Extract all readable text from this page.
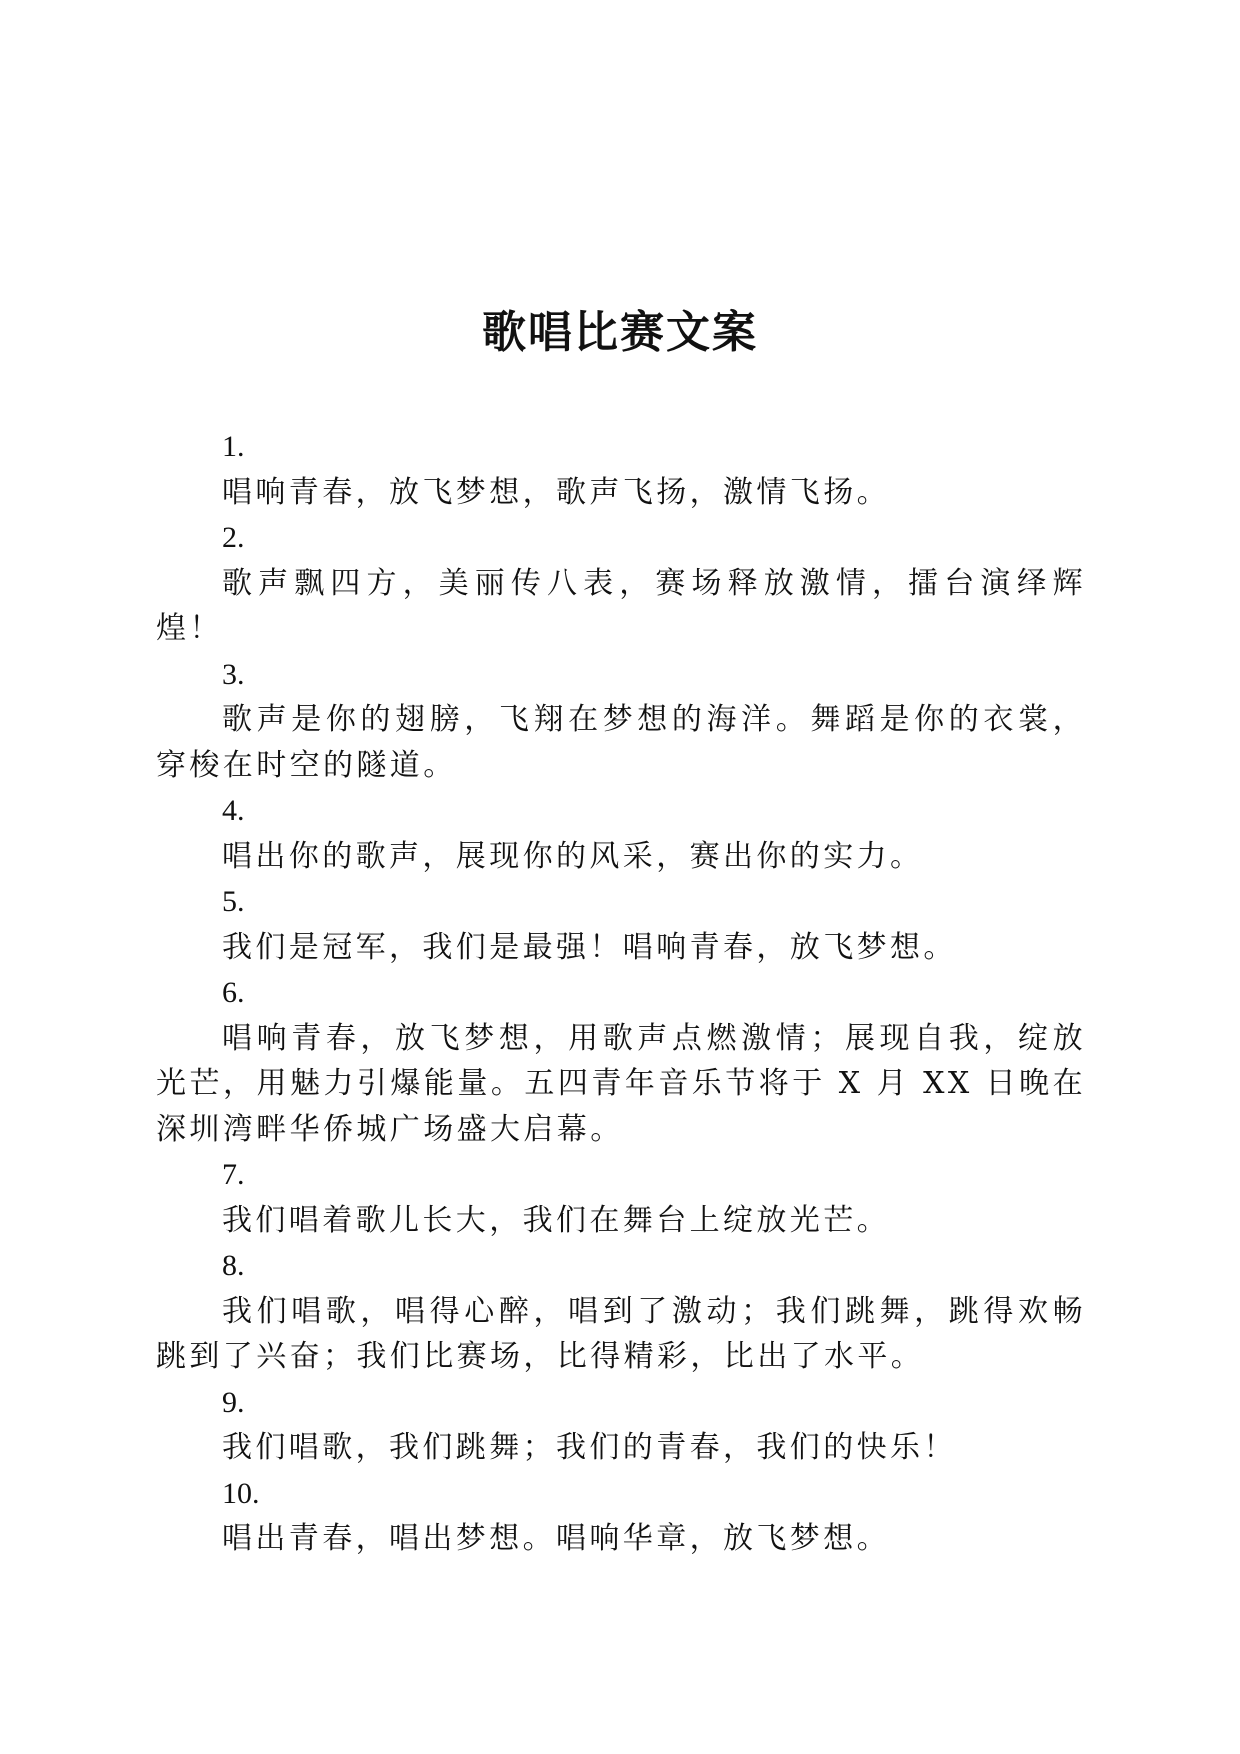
歌唱比赛文案
1.
唱响青春，放飞梦想，歌声飞扬，激情飞扬。
2.
歌声飘四方，美丽传八表，赛场释放激情，擂台演绎辉煌！
3.
歌声是你的翅膀，飞翔在梦想的海洋。舞蹈是你的衣裳，穿梭在时空的隧道。
4.
唱出你的歌声，展现你的风采，赛出你的实力。
5.
我们是冠军，我们是最强！唱响青春，放飞梦想。
6.
唱响青春，放飞梦想，用歌声点燃激情；展现自我，绽放光芒，用魅力引爆能量。五四青年音乐节将于 X 月 XX 日晚在深圳湾畔华侨城广场盛大启幕。
7.
我们唱着歌儿长大，我们在舞台上绽放光芒。
8.
我们唱歌，唱得心醉，唱到了激动；我们跳舞，跳得欢畅跳到了兴奋；我们比赛场，比得精彩，比出了水平。
9.
我们唱歌，我们跳舞；我们的青春，我们的快乐！
10.
唱出青春，唱出梦想。唱响华章，放飞梦想。
